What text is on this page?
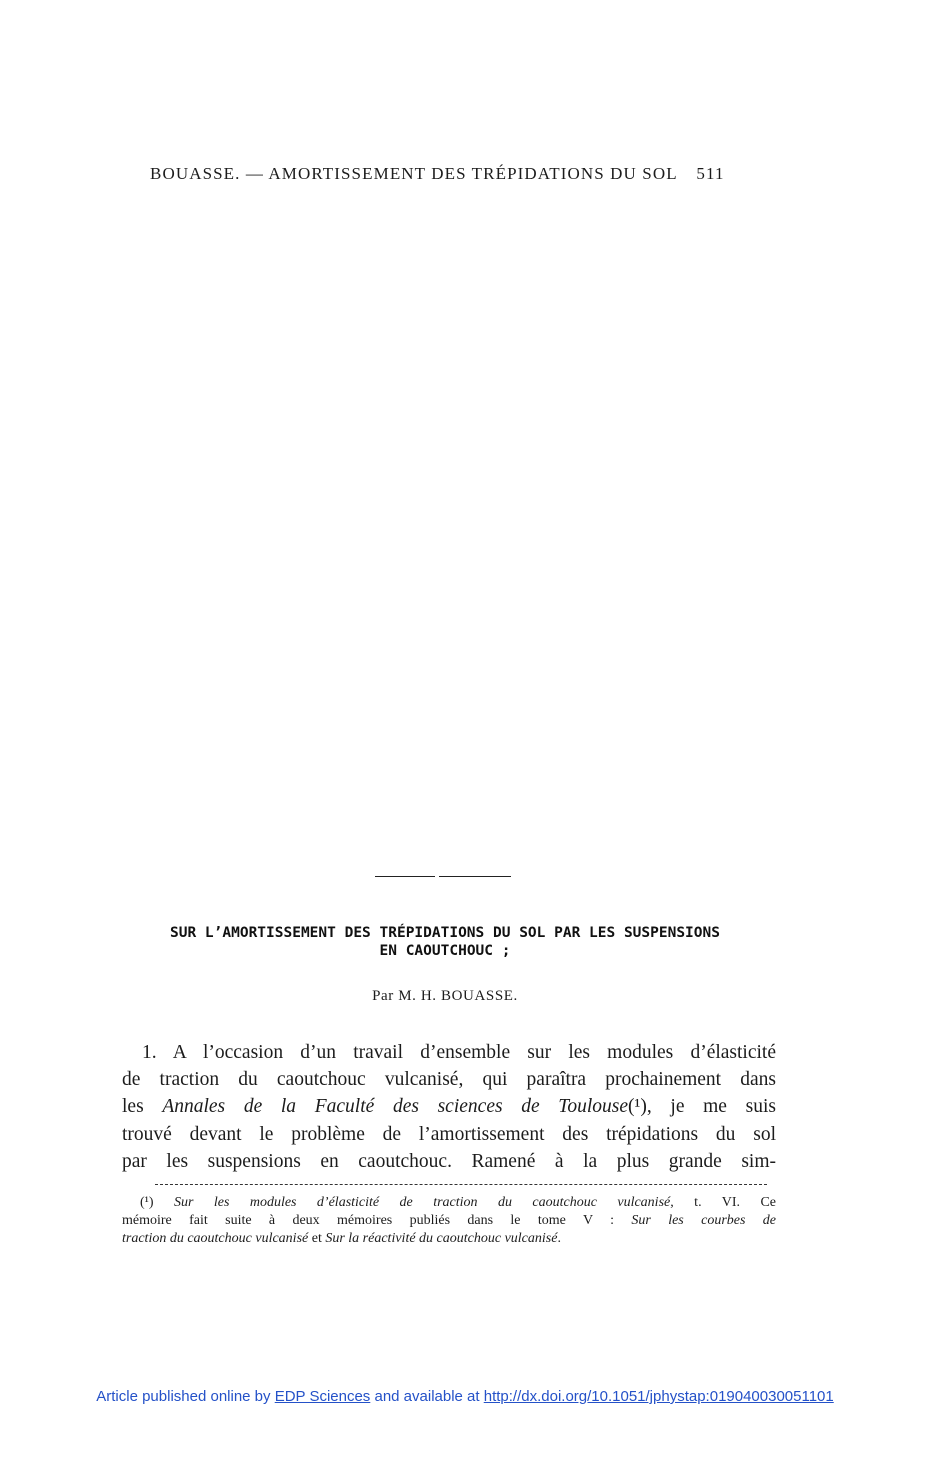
BOUASSE. — AMORTISSEMENT DES TRÉPIDATIONS DU SOL 511
SUR L’AMORTISSEMENT DES TRÉPIDATIONS DU SOL PAR LES SUSPENSIONS
EN CAOUTCHOUC ;
Par M. H. BOUASSE.
1. A l’occasion d’un travail d’ensemble sur les modules d’élasticité
de traction du caoutchouc vulcanisé, qui paraîtra prochainement dans
les Annales de la Faculté des sciences de Toulouse(¹), je me suis
trouvé devant le problème de l’amortissement des trépidations du sol
par les suspensions en caoutchouc. Ramené à la plus grande sim-
(¹) Sur les modules d’élasticité de traction du caoutchouc vulcanisé, t. VI. Ce
mémoire fait suite à deux mémoires publiés dans le tome V : Sur les courbes de
traction du caoutchouc vulcanisé et Sur la réactivité du caoutchouc vulcanisé.
Article published online by EDP Sciences and available at http://dx.doi.org/10.1051/jphystap:019040030051101
